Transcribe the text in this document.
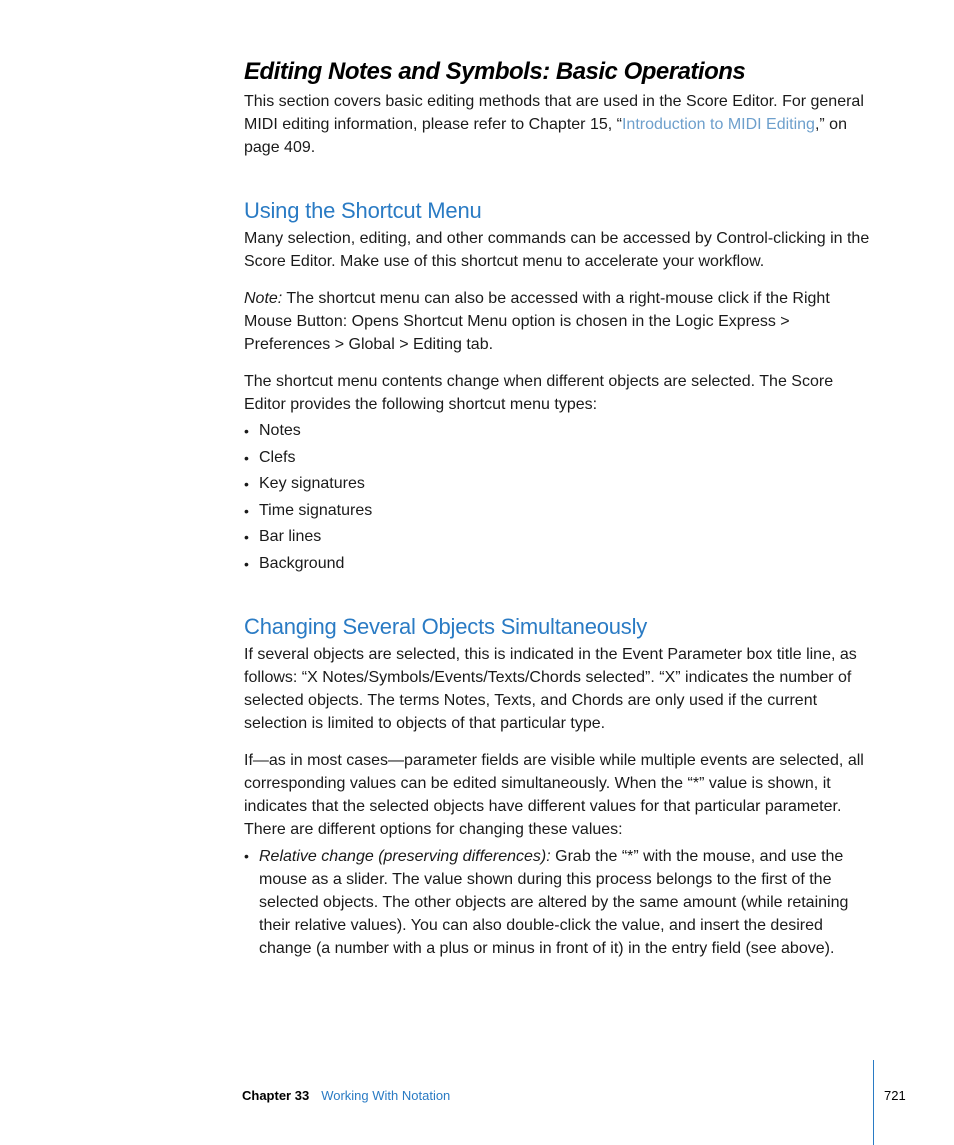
Editing Notes and Symbols: Basic Operations

This section covers basic editing methods that are used in the Score Editor. For general MIDI editing information, please refer to Chapter 15, “Introduction to MIDI Editing,” on page 409.

Using the Shortcut Menu

Many selection, editing, and other commands can be accessed by Control-clicking in the Score Editor. Make use of this shortcut menu to accelerate your workflow.

Note: The shortcut menu can also be accessed with a right-mouse click if the Right Mouse Button: Opens Shortcut Menu option is chosen in the Logic Express > Preferences > Global > Editing tab.

The shortcut menu contents change when different objects are selected. The Score Editor provides the following shortcut menu types:

• Notes
• Clefs
• Key signatures
• Time signatures
• Bar lines
• Background
Changing Several Objects Simultaneously

If several objects are selected, this is indicated in the Event Parameter box title line, as follows: “X Notes/Symbols/Events/Texts/Chords selected”. “X” indicates the number of selected objects. The terms Notes, Texts, and Chords are only used if the current selection is limited to objects of that particular type.

If—as in most cases—parameter fields are visible while multiple events are selected, all corresponding values can be edited simultaneously. When the “*” value is shown, it indicates that the selected objects have different values for that particular parameter. There are different options for changing these values:

• Relative change (preserving differences): Grab the “*” with the mouse, and use the mouse as a slider. The value shown during this process belongs to the first of the selected objects. The other objects are altered by the same amount (while retaining their relative values). You can also double-click the value, and insert the desired change (a number with a plus or minus in front of it) in the entry field (see above).
Chapter 33 Working With Notation	721
